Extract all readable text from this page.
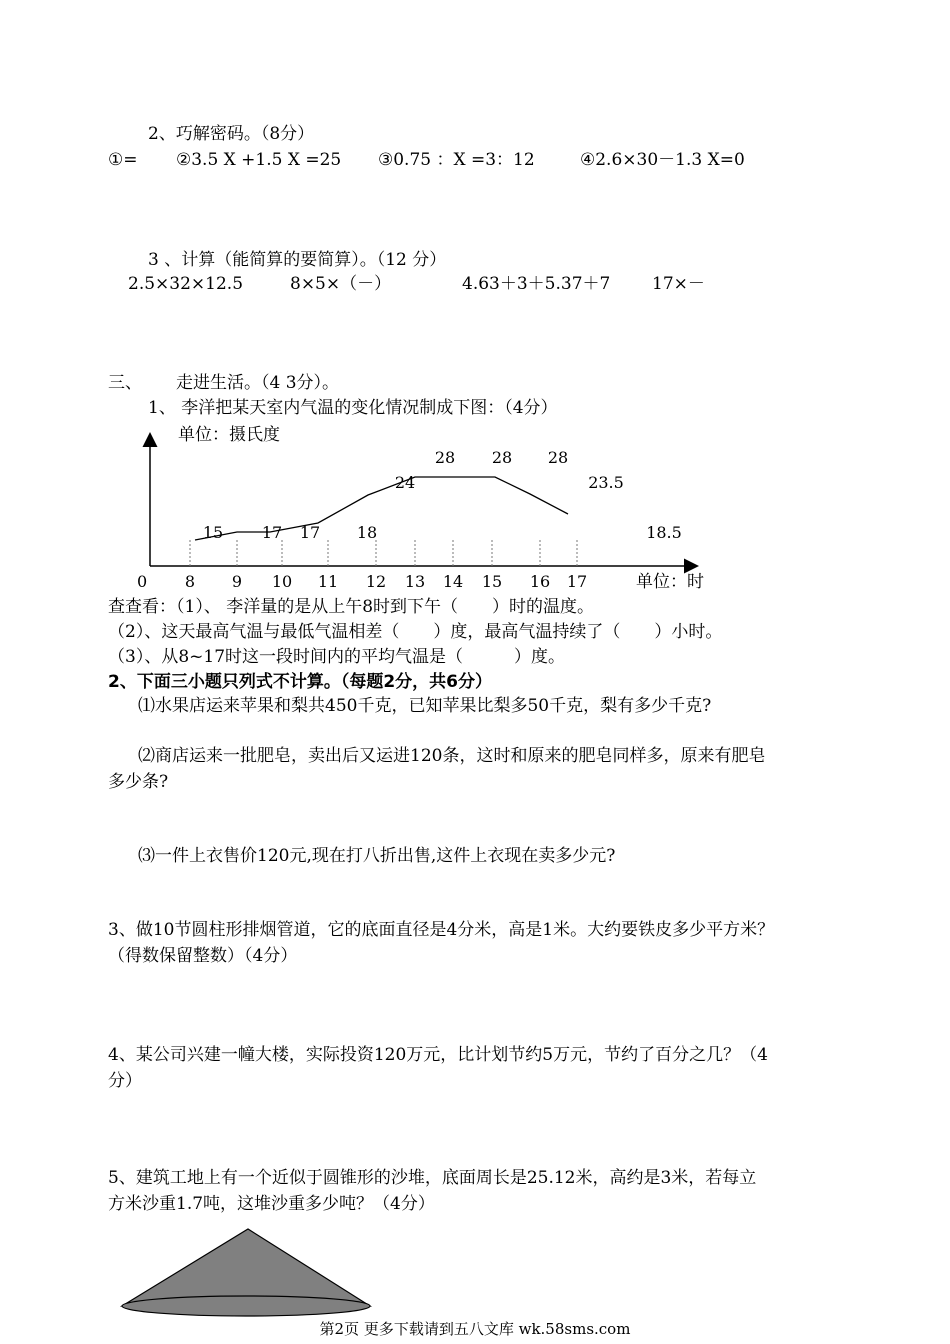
2、巧解密码。（8分）
①= ②3.5 X +1.5 X =25 ③0.75 ：X =3：12	④2.6×30－1.3 X=0
3 、计算（能简算的要简算）。（12 分）
2.5×32×12.5	8×5×（－）	4.63＋3＋5.37＋7 17×－
三、 走进生活。（4 3分）。
1、 李洋把某天室内气温的变化情况制成下图：（4分）
单位：摄氏度
单位：时
0 8 9 10 11 12 13 14 15 16 17
15 17 17 18
24
28 28 28
23.5
18.5
查查看：（1）、 李洋量的是从上午8时到下午（　　）时的温度。
（2）、这天最高气温与最低气温相差（　　）度，最高气温持续了（　　）小时。
（3）、从8~17时这一段时间内的平均气温是（　　　）度。
2、下面三小题只列式不计算。（每题2分，共6分）
⑴水果店运来苹果和梨共450千克，已知苹果比梨多50千克，梨有多少千克?
⑵商店运来一批肥皂，卖出后又运进120条，这时和原来的肥皂同样多，原来有肥皂
多少条?
⑶一件上衣售价120元,现在打八折出售,这件上衣现在卖多少元?
3、做10节圆柱形排烟管道，它的底面直径是4分米，高是1米。大约要铁皮多少平方米？
（得数保留整数）（4分）
4、某公司兴建一幢大楼，实际投资120万元，比计划节约5万元，节约了百分之几？（4
分）
5、建筑工地上有一个近似于圆锥形的沙堆，底面周长是25.12米，高约是3米，若每立
方米沙重1.7吨，这堆沙重多少吨？（4分）
第2页 更多下载请到五八文库 wk.58sms.com
